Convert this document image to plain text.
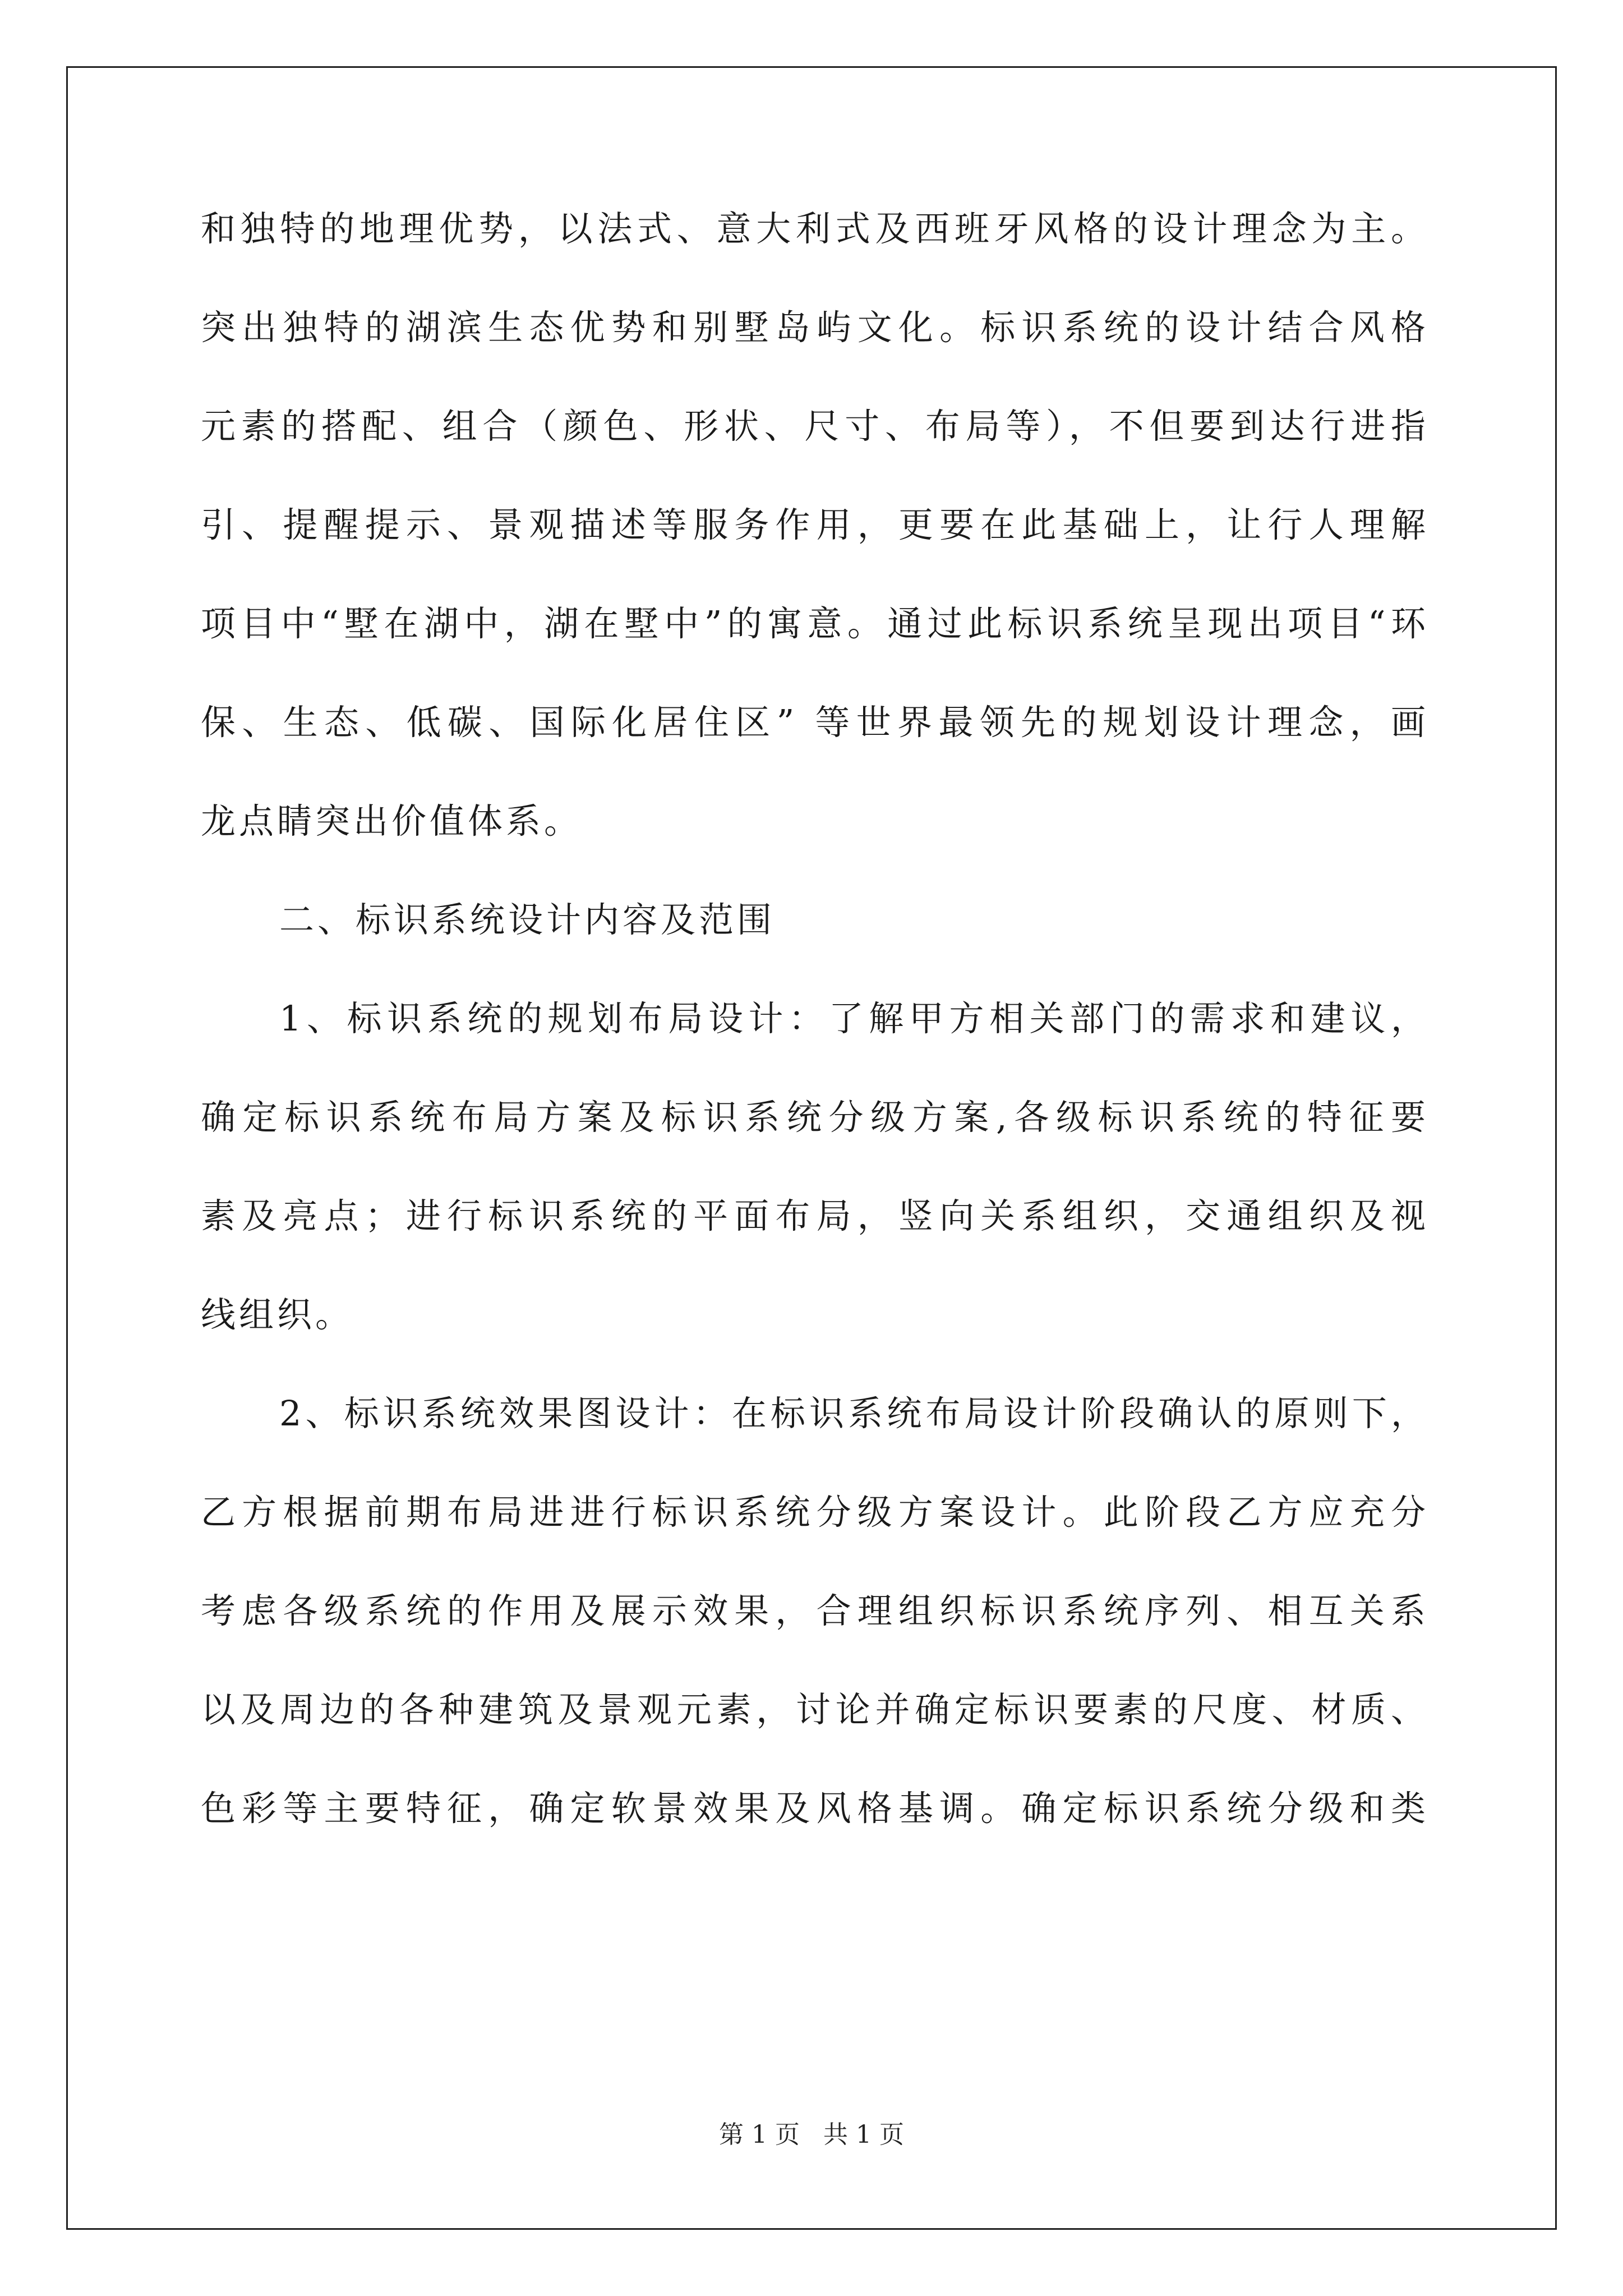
和独特的地理优势，以法式、意大利式及西班牙风格的设计理念为主。
突出独特的湖滨生态优势和别墅岛屿文化。标识系统的设计结合风格
元素的搭配、组合（颜色、形状、尺寸、布局等），不但要到达行进指
引、提醒提示、景观描述等服务作用，更要在此基础上，让行人理解
项目中“墅在湖中，湖在墅中”的寓意。通过此标识系统呈现出项目“环
保、生态、低碳、国际化居住区” 等世界最领先的规划设计理念，画
龙点睛突出价值体系。
二、标识系统设计内容及范围
1、标识系统的规划布局设计：了解甲方相关部门的需求和建议，
确定标识系统布局方案及标识系统分级方案,各级标识系统的特征要
素及亮点；进行标识系统的平面布局，竖向关系组织，交通组织及视
线组织。
2、标识系统效果图设计：在标识系统布局设计阶段确认的原则下，
乙方根据前期布局进进行标识系统分级方案设计。此阶段乙方应充分
考虑各级系统的作用及展示效果，合理组织标识系统序列、相互关系
以及周边的各种建筑及景观元素，讨论并确定标识要素的尺度、材质、
色彩等主要特征，确定软景效果及风格基调。确定标识系统分级和类
第 1 页   共 1 页
